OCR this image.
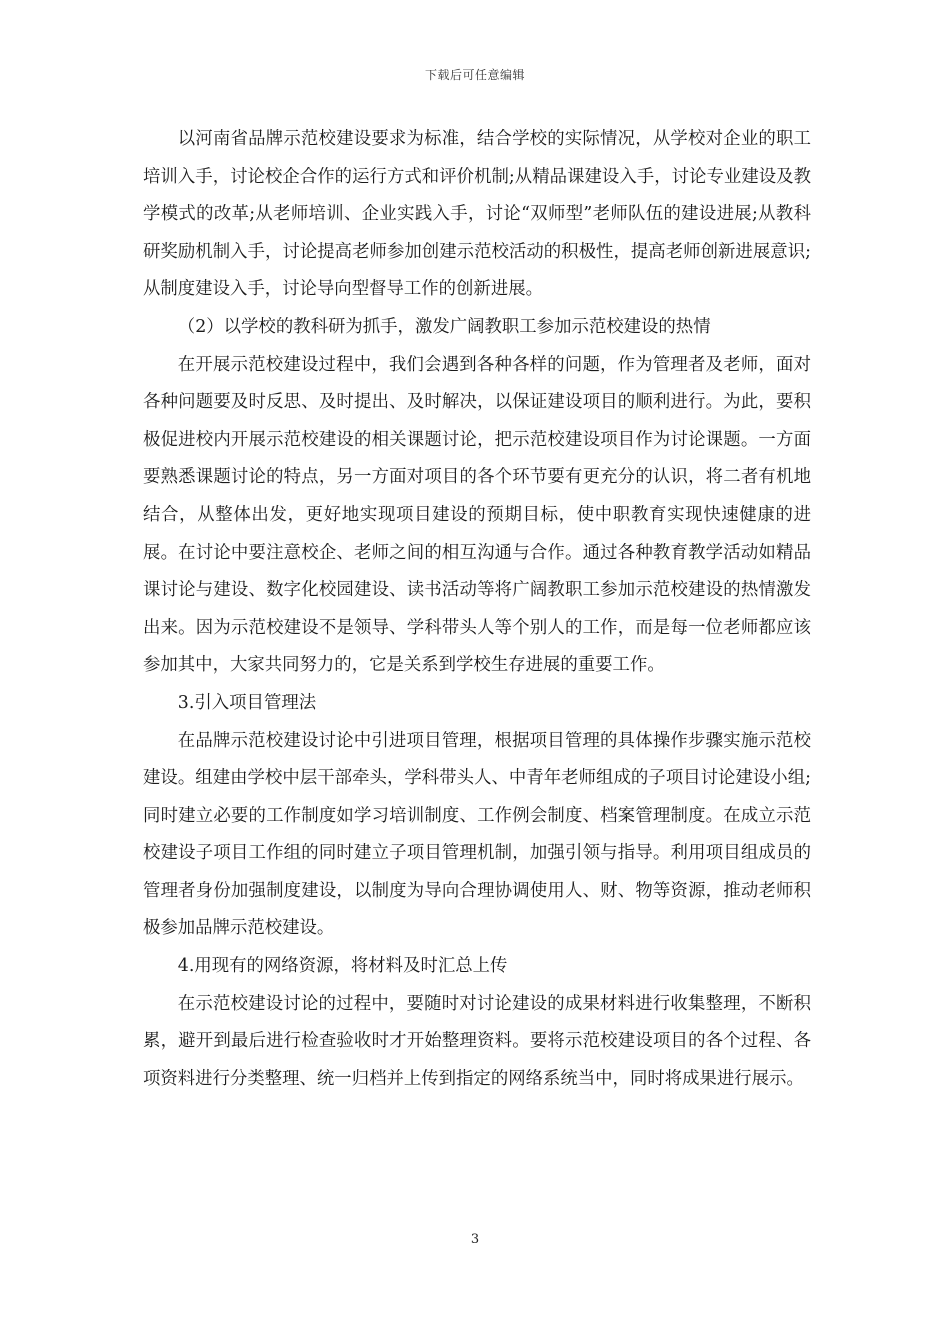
下载后可任意编辑

以河南省品牌示范校建设要求为标准，结合学校的实际情况，从学校对企业的职工培训入手，讨论校企合作的运行方式和评价机制;从精品课建设入手，讨论专业建设及教学模式的改革;从老师培训、企业实践入手，讨论“双师型”老师队伍的建设进展;从教科研奖励机制入手，讨论提高老师参加创建示范校活动的积极性，提高老师创新进展意识;从制度建设入手，讨论导向型督导工作的创新进展。

（2）以学校的教科研为抓手，激发广阔教职工参加示范校建设的热情

在开展示范校建设过程中，我们会遇到各种各样的问题，作为管理者及老师，面对各种问题要及时反思、及时提出、及时解决，以保证建设项目的顺利进行。为此，要积极促进校内开展示范校建设的相关课题讨论，把示范校建设项目作为讨论课题。一方面要熟悉课题讨论的特点，另一方面对项目的各个环节要有更充分的认识，将二者有机地结合，从整体出发，更好地实现项目建设的预期目标，使中职教育实现快速健康的进展。在讨论中要注意校企、老师之间的相互沟通与合作。通过各种教育教学活动如精品课讨论与建设、数字化校园建设、读书活动等将广阔教职工参加示范校建设的热情激发出来。因为示范校建设不是领导、学科带头人等个别人的工作，而是每一位老师都应该参加其中，大家共同努力的，它是关系到学校生存进展的重要工作。

3.引入项目管理法

在品牌示范校建设讨论中引进项目管理，根据项目管理的具体操作步骤实施示范校建设。组建由学校中层干部牵头，学科带头人、中青年老师组成的子项目讨论建设小组;同时建立必要的工作制度如学习培训制度、工作例会制度、档案管理制度。在成立示范校建设子项目工作组的同时建立子项目管理机制，加强引领与指导。利用项目组成员的管理者身份加强制度建设，以制度为导向合理协调使用人、财、物等资源，推动老师积极参加品牌示范校建设。

4.用现有的网络资源，将材料及时汇总上传

在示范校建设讨论的过程中，要随时对讨论建设的成果材料进行收集整理，不断积累，避开到最后进行检查验收时才开始整理资料。要将示范校建设项目的各个过程、各项资料进行分类整理、统一归档并上传到指定的网络系统当中，同时将成果进行展示。

3
